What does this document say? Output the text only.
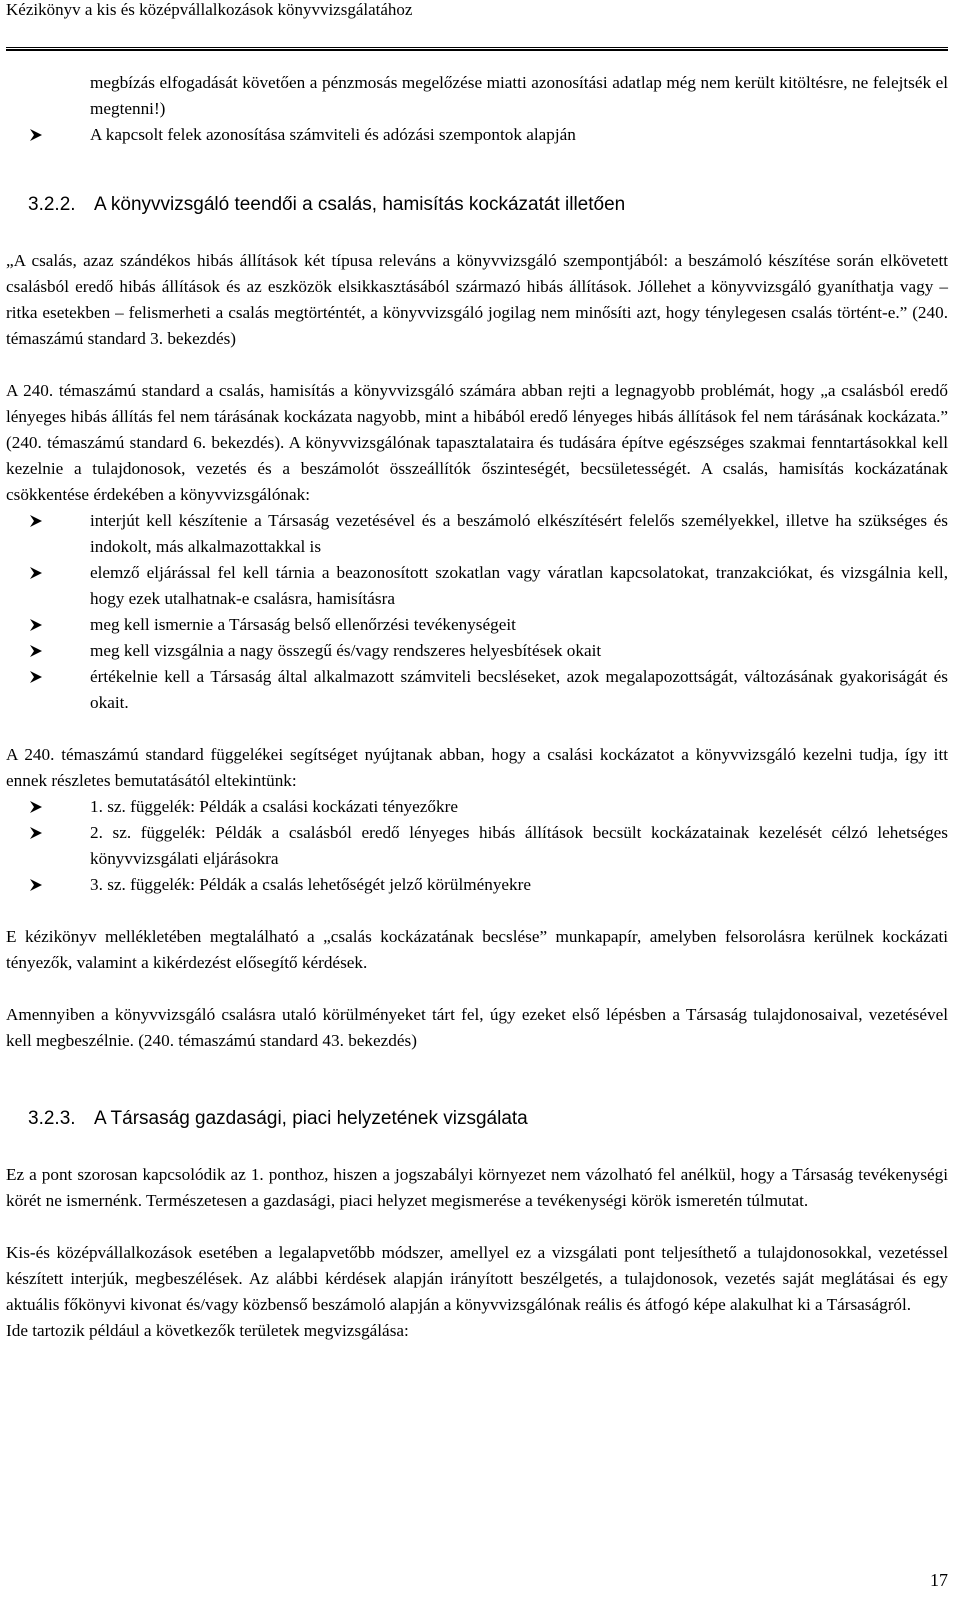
Kézikönyv a kis és középvállalkozások könyvvizsgálatához

megbízás elfogadását követően a pénzmosás megelőzése miatti azonosítási adatlap még nem került kitöltésre, ne felejtsék el megtenni!)

A kapcsolt felek azonosítása számviteli és adózási szempontok alapján
3.2.2. A könyvvizsgáló teendői a csalás, hamisítás kockázatát illetően

„A csalás, azaz szándékos hibás állítások két típusa releváns a könyvvizsgáló szempontjából: a beszámoló készítése során elkövetett csalásból eredő hibás állítások és az eszközök elsikkasztásából származó hibás állítások. Jóllehet a könyvvizsgáló gyaníthatja vagy –ritka esetekben – felismerheti a csalás megtörténtét, a könyvvizsgáló jogilag nem minősíti azt, hogy ténylegesen csalás történt-e.” (240. témaszámú standard 3. bekezdés)

A 240. témaszámú standard a csalás, hamisítás a könyvvizsgáló számára abban rejti a legnagyobb problémát, hogy „a csalásból eredő lényeges hibás állítás fel nem tárásának kockázata nagyobb, mint a hibából eredő lényeges hibás állítások fel nem tárásának kockázata.” (240. témaszámú standard 6. bekezdés). A könyvvizsgálónak tapasztalataira és tudására építve egészséges szakmai fenntartásokkal kell kezelnie a tulajdonosok, vezetés és a beszámolót összeállítók őszinteségét, becsületességét. A csalás, hamisítás kockázatának csökkentése érdekében a könyvvizsgálónak:

interjút kell készítenie a Társaság vezetésével és a beszámoló elkészítésért felelős személyekkel, illetve ha szükséges és indokolt, más alkalmazottakkal is
elemző eljárással fel kell tárnia a beazonosított szokatlan vagy váratlan kapcsolatokat, tranzakciókat, és vizsgálnia kell, hogy ezek utalhatnak-e csalásra, hamisításra
meg kell ismernie a Társaság belső ellenőrzési tevékenységeit
meg kell vizsgálnia a nagy összegű és/vagy rendszeres helyesbítések okait
értékelnie kell a Társaság által alkalmazott számviteli becsléseket, azok megalapozottságát, változásának gyakoriságát és okait.

A 240. témaszámú standard függelékei segítséget nyújtanak abban, hogy a csalási kockázatot a könyvvizsgáló kezelni tudja, így itt ennek részletes bemutatásától eltekintünk:

1. sz. függelék: Példák a csalási kockázati tényezőkre
2. sz. függelék: Példák a csalásból eredő lényeges hibás állítások becsült kockázatainak kezelését célzó lehetséges könyvvizsgálati eljárásokra
3. sz. függelék: Példák a csalás lehetőségét jelző körülményekre

E kézikönyv mellékletében megtalálható a „csalás kockázatának becslése” munkapapír, amelyben felsorolásra kerülnek kockázati tényezők, valamint a kikérdezést elősegítő kérdések.

Amennyiben a könyvvizsgáló csalásra utaló körülményeket tárt fel, úgy ezeket első lépésben a Társaság tulajdonosaival, vezetésével kell megbeszélnie. (240. témaszámú standard 43. bekezdés)

3.2.3. A Társaság gazdasági, piaci helyzetének vizsgálata

Ez a pont szorosan kapcsolódik az 1. ponthoz, hiszen a jogszabályi környezet nem vázolható fel anélkül, hogy a Társaság tevékenységi körét ne ismernénk. Természetesen a gazdasági, piaci helyzet megismerése a tevékenységi körök ismeretén túlmutat.

Kis-és középvállalkozások esetében a legalapvetőbb módszer, amellyel ez a vizsgálati pont teljesíthető a tulajdonosokkal, vezetéssel készített interjúk, megbeszélések. Az alábbi kérdések alapján irányított beszélgetés, a tulajdonosok, vezetés saját meglátásai és egy aktuális főkönyvi kivonat és/vagy közbenső beszámoló alapján a könyvvizsgálónak reális és átfogó képe alakulhat ki a Társaságról.

Ide tartozik például a következők területek megvizsgálása:

17
